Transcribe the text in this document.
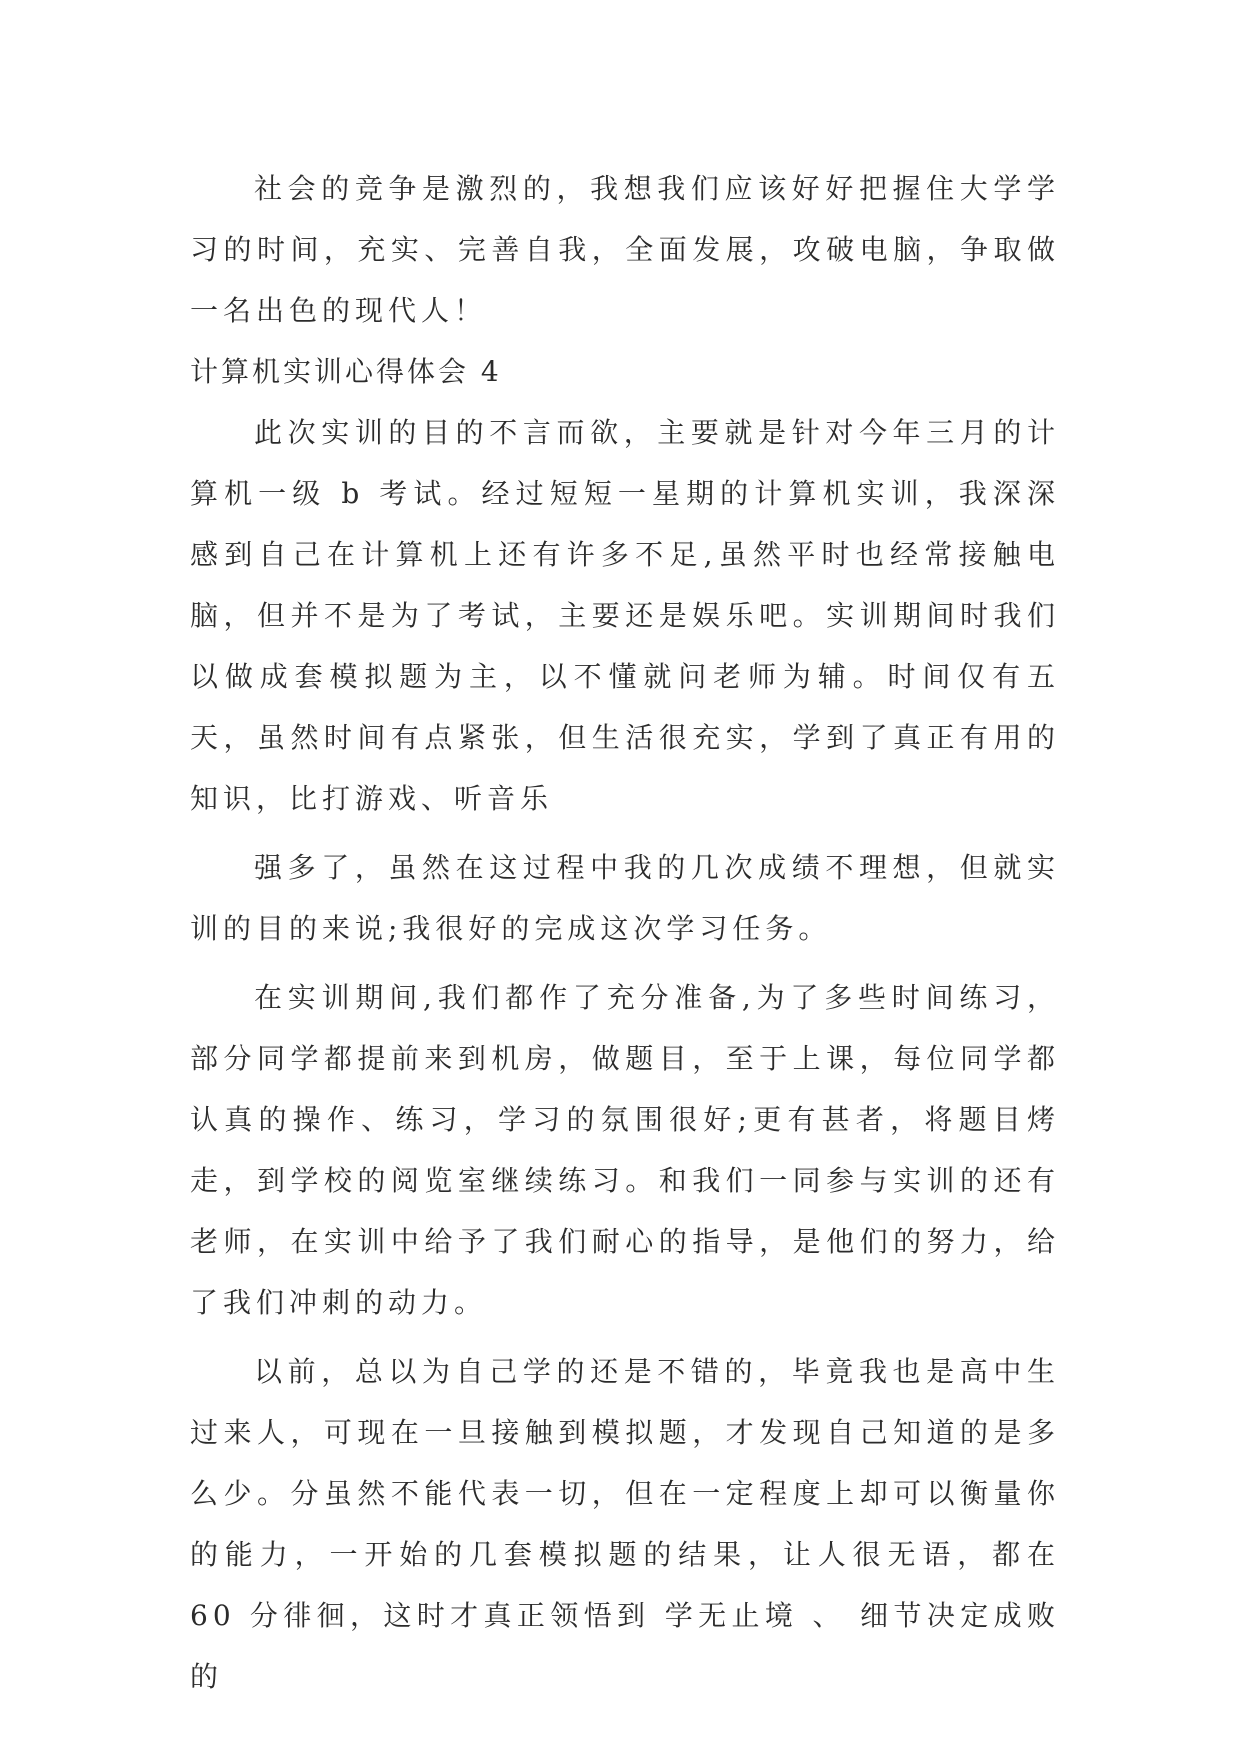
社会的竞争是激烈的，我想我们应该好好把握住大学学习的时间，充实、完善自我，全面发展，攻破电脑，争取做一名出色的现代人！

计算机实训心得体会 4

此次实训的目的不言而欲，主要就是针对今年三月的计算机一级 b 考试。经过短短一星期的计算机实训，我深深感到自己在计算机上还有许多不足,虽然平时也经常接触电脑，但并不是为了考试，主要还是娱乐吧。实训期间时我们以做成套模拟题为主，以不懂就问老师为辅。时间仅有五天，虽然时间有点紧张，但生活很充实，学到了真正有用的知识，比打游戏、听音乐

强多了，虽然在这过程中我的几次成绩不理想，但就实训的目的来说;我很好的完成这次学习任务。

在实训期间,我们都作了充分准备,为了多些时间练习，部分同学都提前来到机房，做题目，至于上课，每位同学都认真的操作、练习，学习的氛围很好;更有甚者，将题目烤走，到学校的阅览室继续练习。和我们一同参与实训的还有老师，在实训中给予了我们耐心的指导，是他们的努力，给了我们冲刺的动力。

以前，总以为自己学的还是不错的，毕竟我也是高中生过来人，可现在一旦接触到模拟题，才发现自己知道的是多么少。分虽然不能代表一切，但在一定程度上却可以衡量你的能力，一开始的几套模拟题的结果，让人很无语，都在 60 分徘徊，这时才真正领悟到 学无止境 、 细节决定成败 的
